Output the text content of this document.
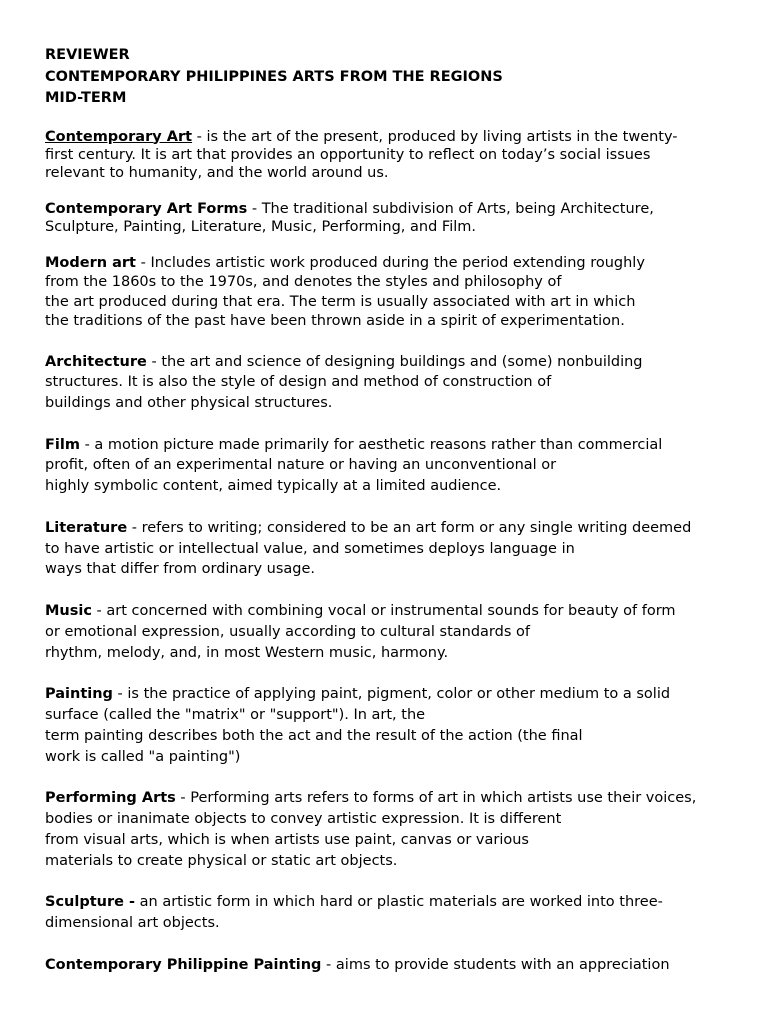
REVIEWER

CONTEMPORARY PHILIPPINES ARTS FROM THE REGIONS

MID-TERM

Contemporary Art - is the art of the present, produced by living artists in the twenty-
first century. It is art that provides an opportunity to reflect on today’s social issues
relevant to humanity, and the world around us.

Contemporary Art Forms - The traditional subdivision of Arts, being Architecture,
Sculpture, Painting, Literature, Music, Performing, and Film.

Modern art - Includes artistic work produced during the period extending roughly
from the 1860s to the 1970s, and denotes the styles and philosophy of
the art produced during that era. The term is usually associated with art in which
the traditions of the past have been thrown aside in a spirit of experimentation.

Architecture - the art and science of designing buildings and (some) nonbuilding
structures. It is also the style of design and method of construction of
buildings and other physical structures.

Film - a motion picture made primarily for aesthetic reasons rather than commercial
profit, often of an experimental nature or having an unconventional or
highly symbolic content, aimed typically at a limited audience.

Literature - refers to writing; considered to be an art form or any single writing deemed
to have artistic or intellectual value, and sometimes deploys language in
ways that differ from ordinary usage.

Music - art concerned with combining vocal or instrumental sounds for beauty of form
or emotional expression, usually according to cultural standards of
rhythm, melody, and, in most Western music, harmony.

Painting - is the practice of applying paint, pigment, color or other medium to a solid
surface (called the "matrix" or "support"). In art, the
term painting describes both the act and the result of the action (the final
work is called "a painting")

Performing Arts - Performing arts refers to forms of art in which artists use their voices,
bodies or inanimate objects to convey artistic expression. It is different
from visual arts, which is when artists use paint, canvas or various
materials to create physical or static art objects.

Sculpture - an artistic form in which hard or plastic materials are worked into three-
dimensional art objects.

Contemporary Philippine Painting - aims to provide students with an appreciation
